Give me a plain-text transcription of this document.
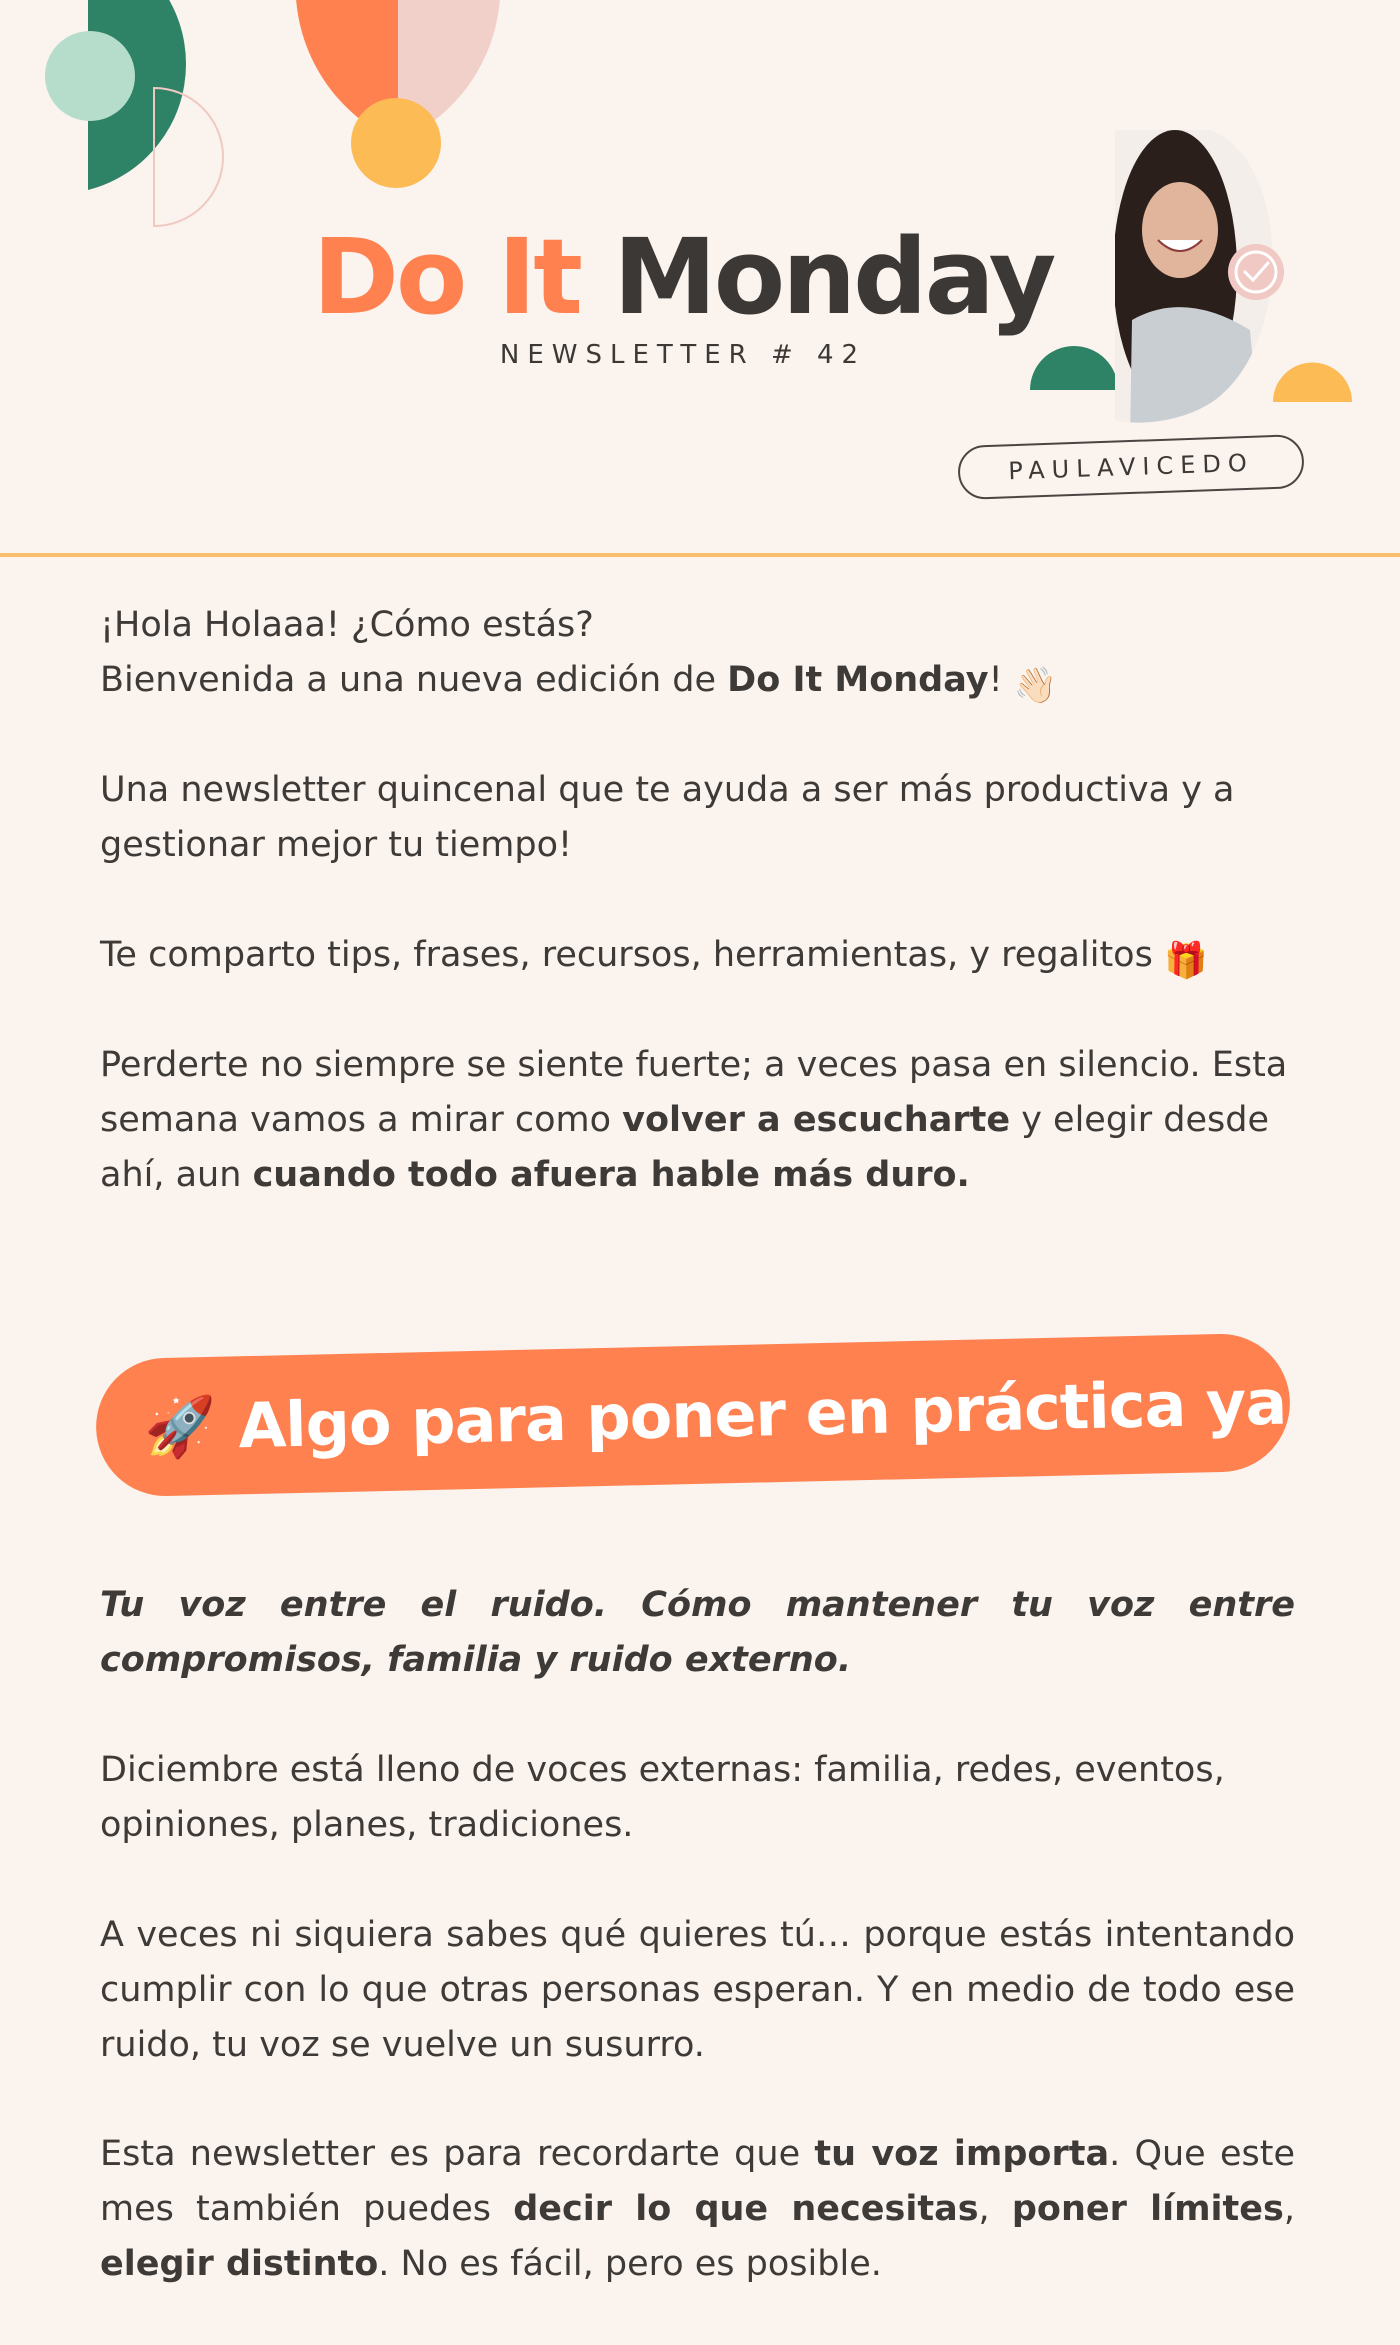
Do It Monday
NEWSLETTER # 42
PAULAVICEDO
¡Hola Holaaa! ¿Cómo estás?
Bienvenida a una nueva edición de Do It Monday! 👋🏻
Una newsletter quincenal que te ayuda a ser más productiva y a gestionar mejor tu tiempo!
Te comparto tips, frases, recursos, herramientas, y regalitos 🎁
Perderte no siempre se siente fuerte; a veces pasa en silencio. Esta semana vamos a mirar como volver a escucharte y elegir desde ahí, aun cuando todo afuera hable más duro.
🚀 Algo para poner en práctica ya
Tu voz entre el ruido. Cómo mantener tu voz entre compromisos, familia y ruido externo.
Diciembre está lleno de voces externas: familia, redes, eventos, opiniones, planes, tradiciones.
A veces ni siquiera sabes qué quieres tú… porque estás intentando cumplir con lo que otras personas esperan. Y en medio de todo ese ruido, tu voz se vuelve un susurro.
Esta newsletter es para recordarte que tu voz importa. Que este mes también puedes decir lo que necesitas, poner límites, elegir distinto. No es fácil, pero es posible.
